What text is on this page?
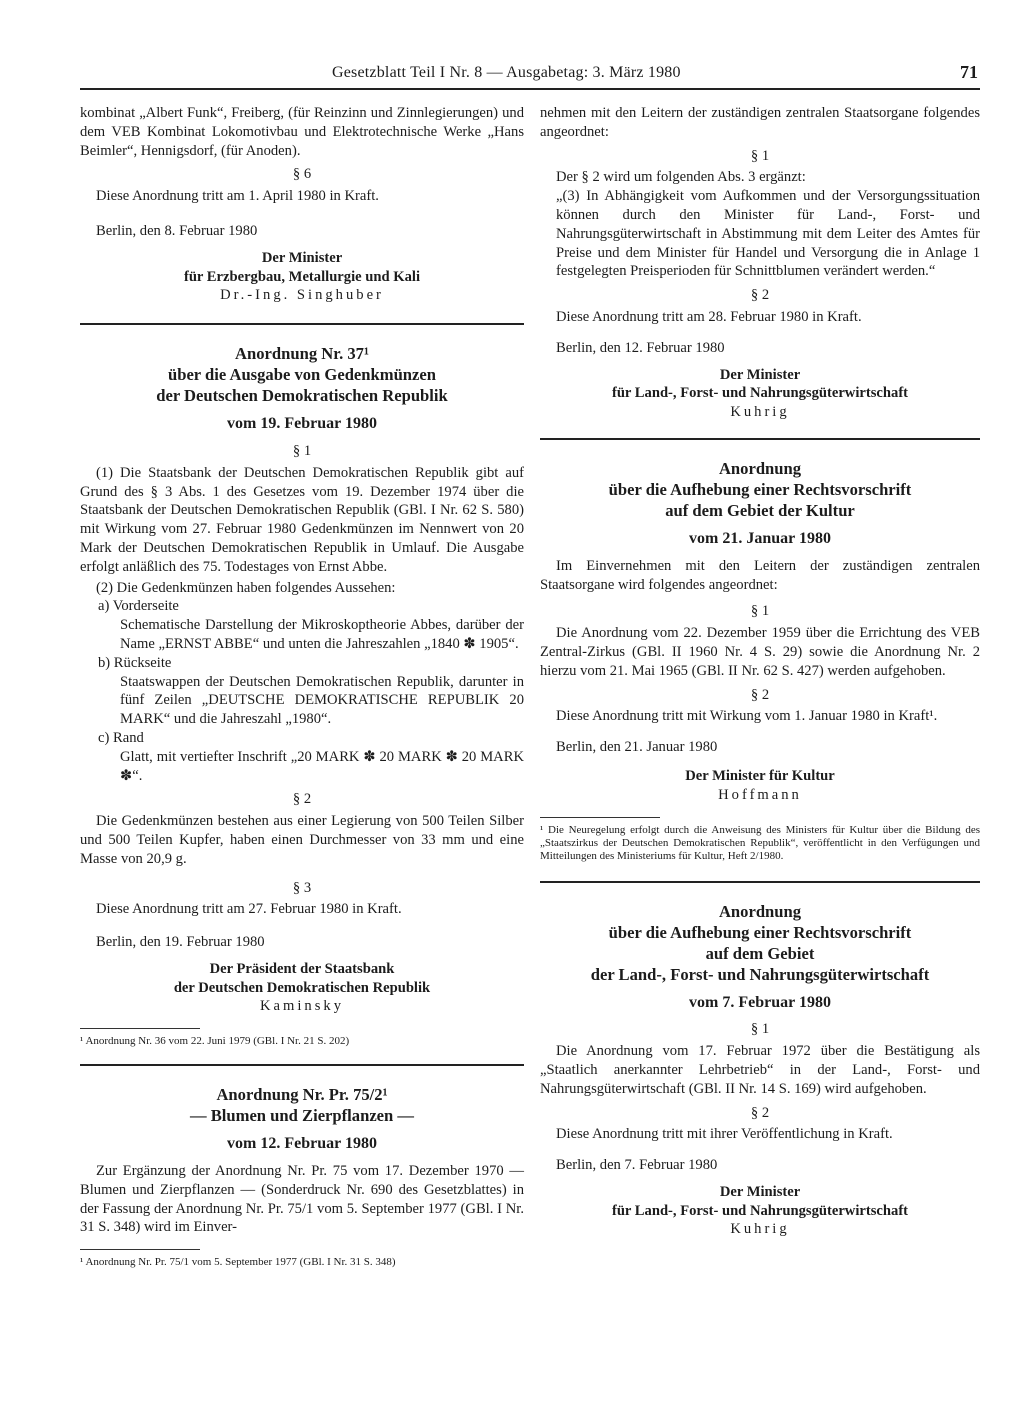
Gesetzblatt Teil I Nr. 8 — Ausgabetag: 3. März 1980	71

kombinat „Albert Funk“, Freiberg, (für Reinzinn und Zinnlegierungen) und dem VEB Kombinat Lokomotivbau und Elektrotechnische Werke „Hans Beimler“, Hennigsdorf, (für Anoden).

§ 6

Diese Anordnung tritt am 1. April 1980 in Kraft.

Berlin, den 8. Februar 1980

Der Minister

für Erzbergbau, Metallurgie und Kali

Dr.-Ing. Singhuber

Anordnung Nr. 37¹

über die Ausgabe von Gedenkmünzen

der Deutschen Demokratischen Republik

vom 19. Februar 1980

§ 1

(1) Die Staatsbank der Deutschen Demokratischen Republik gibt auf Grund des § 3 Abs. 1 des Gesetzes vom 19. Dezember 1974 über die Staatsbank der Deutschen Demokratischen Republik (GBl. I Nr. 62 S. 580) mit Wirkung vom 27. Februar 1980 Gedenkmünzen im Nennwert von 20 Mark der Deutschen Demokratischen Republik in Umlauf. Die Ausgabe erfolgt anläßlich des 75. Todestages von Ernst Abbe.

(2) Die Gedenkmünzen haben folgendes Aussehen:

a) Vorderseite

Schematische Darstellung der Mikroskoptheorie Abbes, darüber der Name „ERNST ABBE“ und unten die Jahreszahlen „1840 ✽ 1905“.

b) Rückseite

Staatswappen der Deutschen Demokratischen Republik, darunter in fünf Zeilen „DEUTSCHE DEMOKRATISCHE REPUBLIK 20 MARK“ und die Jahreszahl „1980“.

c) Rand

Glatt, mit vertiefter Inschrift „20 MARK ✽ 20 MARK ✽ 20 MARK ✽“.

§ 2

Die Gedenkmünzen bestehen aus einer Legierung von 500 Teilen Silber und 500 Teilen Kupfer, haben einen Durchmesser von 33 mm und eine Masse von 20,9 g.

§ 3

Diese Anordnung tritt am 27. Februar 1980 in Kraft.

Berlin, den 19. Februar 1980

Der Präsident der Staatsbank

der Deutschen Demokratischen Republik

Kaminsky

¹ Anordnung Nr. 36 vom 22. Juni 1979 (GBl. I Nr. 21 S. 202)

Anordnung Nr. Pr. 75/2¹

— Blumen und Zierpflanzen —

vom 12. Februar 1980

Zur Ergänzung der Anordnung Nr. Pr. 75 vom 17. Dezember 1970 — Blumen und Zierpflanzen — (Sonderdruck Nr. 690 des Gesetzblattes) in der Fassung der Anordnung Nr. Pr. 75/1 vom 5. September 1977 (GBl. I Nr. 31 S. 348) wird im Einver-

¹ Anordnung Nr. Pr. 75/1 vom 5. September 1977 (GBl. I Nr. 31 S. 348)

nehmen mit den Leitern der zuständigen zentralen Staatsorgane folgendes angeordnet:

§ 1

Der § 2 wird um folgenden Abs. 3 ergänzt:

„(3) In Abhängigkeit vom Aufkommen und der Versorgungssituation können durch den Minister für Land-, Forst- und Nahrungsgüterwirtschaft in Abstimmung mit dem Leiter des Amtes für Preise und dem Minister für Handel und Versorgung die in Anlage 1 festgelegten Preisperioden für Schnittblumen verändert werden.“

§ 2

Diese Anordnung tritt am 28. Februar 1980 in Kraft.

Berlin, den 12. Februar 1980

Der Minister

für Land-, Forst- und Nahrungsgüterwirtschaft

Kuhrig

Anordnung

über die Aufhebung einer Rechtsvorschrift

auf dem Gebiet der Kultur

vom 21. Januar 1980

Im Einvernehmen mit den Leitern der zuständigen zentralen Staatsorgane wird folgendes angeordnet:

§ 1

Die Anordnung vom 22. Dezember 1959 über die Errichtung des VEB Zentral-Zirkus (GBl. II 1960 Nr. 4 S. 29) sowie die Anordnung Nr. 2 hierzu vom 21. Mai 1965 (GBl. II Nr. 62 S. 427) werden aufgehoben.

§ 2

Diese Anordnung tritt mit Wirkung vom 1. Januar 1980 in Kraft¹.

Berlin, den 21. Januar 1980

Der Minister für Kultur

Hoffmann

¹ Die Neuregelung erfolgt durch die Anweisung des Ministers für Kultur über die Bildung des „Staatszirkus der Deutschen Demokratischen Republik“, veröffentlicht in den Verfügungen und Mitteilungen des Ministeriums für Kultur, Heft 2/1980.

Anordnung

über die Aufhebung einer Rechtsvorschrift

auf dem Gebiet

der Land-, Forst- und Nahrungsgüterwirtschaft

vom 7. Februar 1980

§ 1

Die Anordnung vom 17. Februar 1972 über die Bestätigung als „Staatlich anerkannter Lehrbetrieb“ in der Land-, Forst- und Nahrungsgüterwirtschaft (GBl. II Nr. 14 S. 169) wird aufgehoben.

§ 2

Diese Anordnung tritt mit ihrer Veröffentlichung in Kraft.

Berlin, den 7. Februar 1980

Der Minister

für Land-, Forst- und Nahrungsgüterwirtschaft

Kuhrig
